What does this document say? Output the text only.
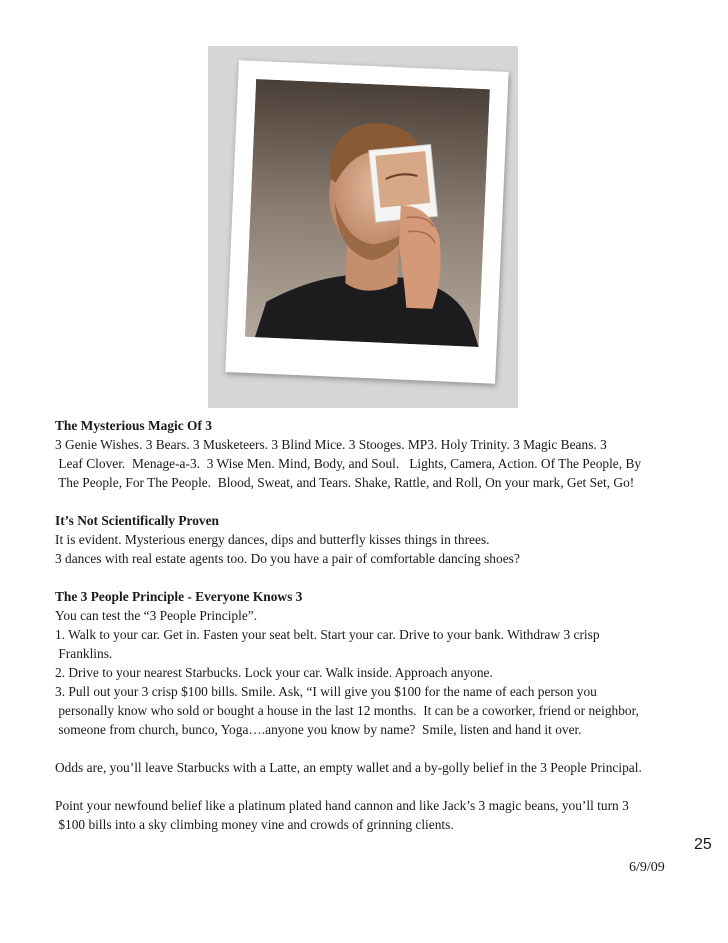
The Mysterious Magic Of 3

3 Genie Wishes. 3 Bears. 3 Musketeers. 3 Blind Mice. 3 Stooges. MP3. Holy Trinity. 3 Magic Beans. 3

Leaf Clover.  Menage-a-3.  3 Wise Men. Mind, Body, and Soul.   Lights, Camera, Action. Of The People, By

The People, For The People.  Blood, Sweat, and Tears. Shake, Rattle, and Roll, On your mark, Get Set, Go!

It’s Not Scientifically Proven

It is evident. Mysterious energy dances, dips and butterfly kisses things in threes.

3 dances with real estate agents too. Do you have a pair of comfortable dancing shoes?

The 3 People Principle - Everyone Knows 3

You can test the “3 People Principle”.

1. Walk to your car. Get in. Fasten your seat belt. Start your car. Drive to your bank. Withdraw 3 crisp

Franklins.

2. Drive to your nearest Starbucks. Lock your car. Walk inside. Approach anyone.

3. Pull out your 3 crisp $100 bills. Smile. Ask, “I will give you $100 for the name of each person you

personally know who sold or bought a house in the last 12 months.  It can be a coworker, friend or neighbor,

someone from church, bunco, Yoga….anyone you know by name?  Smile, listen and hand it over.

Odds are, you’ll leave Starbucks with a Latte, an empty wallet and a by-golly belief in the 3 People Principal.

Point your newfound belief like a platinum plated hand cannon and like Jack’s 3 magic beans, you’ll turn 3

$100 bills into a sky climbing money vine and crowds of grinning clients.

25
6/9/09
